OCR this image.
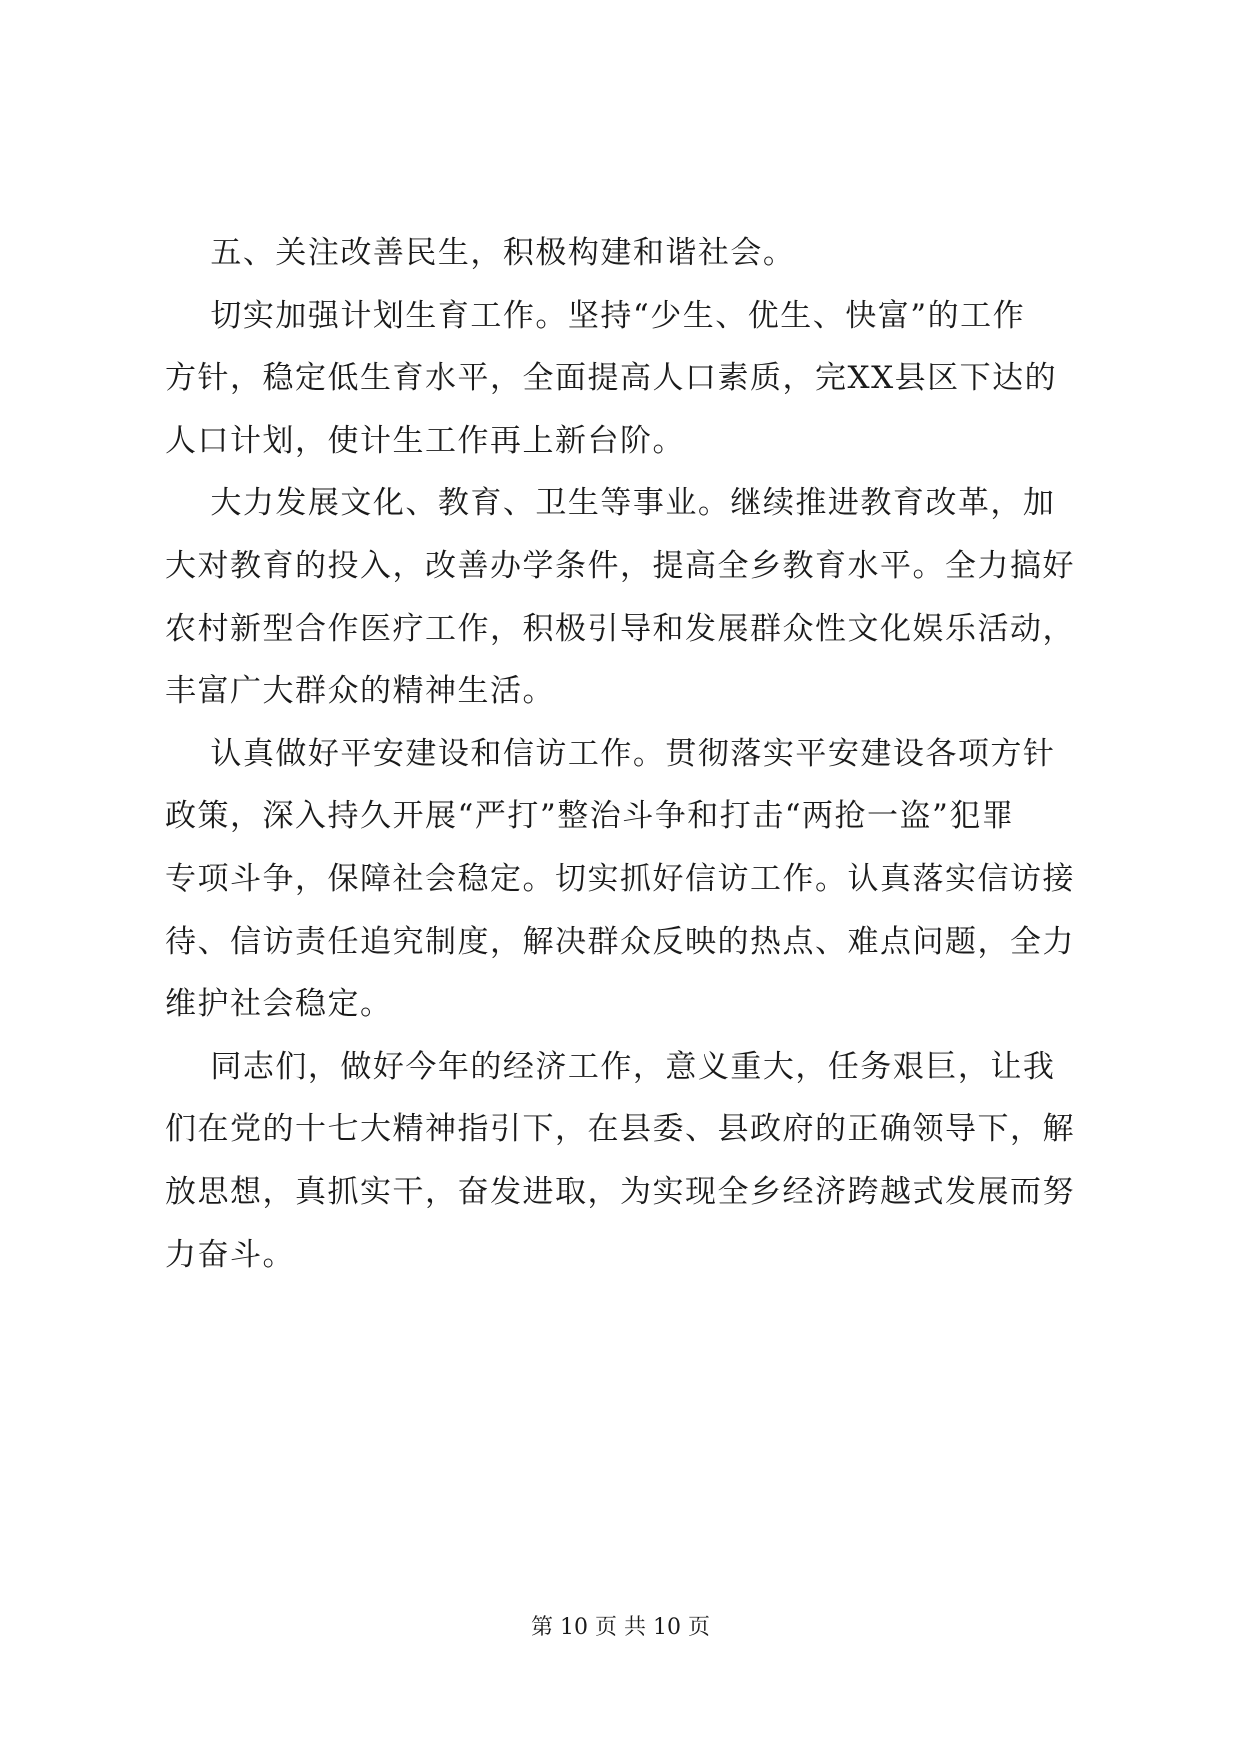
五、关注改善民生，积极构建和谐社会。
切实加强计划生育工作。坚持“少生、优生、快富”的工作
方针，稳定低生育水平，全面提高人口素质，完XX县区下达的
人口计划，使计生工作再上新台阶。
大力发展文化、教育、卫生等事业。继续推进教育改革，加
大对教育的投入，改善办学条件，提高全乡教育水平。全力搞好
农村新型合作医疗工作，积极引导和发展群众性文化娱乐活动，
丰富广大群众的精神生活。
认真做好平安建设和信访工作。贯彻落实平安建设各项方针
政策，深入持久开展“严打”整治斗争和打击“两抢一盗”犯罪
专项斗争，保障社会稳定。切实抓好信访工作。认真落实信访接
待、信访责任追究制度，解决群众反映的热点、难点问题，全力
维护社会稳定。
同志们，做好今年的经济工作，意义重大，任务艰巨，让我
们在党的十七大精神指引下，在县委、县政府的正确领导下，解
放思想，真抓实干，奋发进取，为实现全乡经济跨越式发展而努
力奋斗。
第 10 页 共 10 页
